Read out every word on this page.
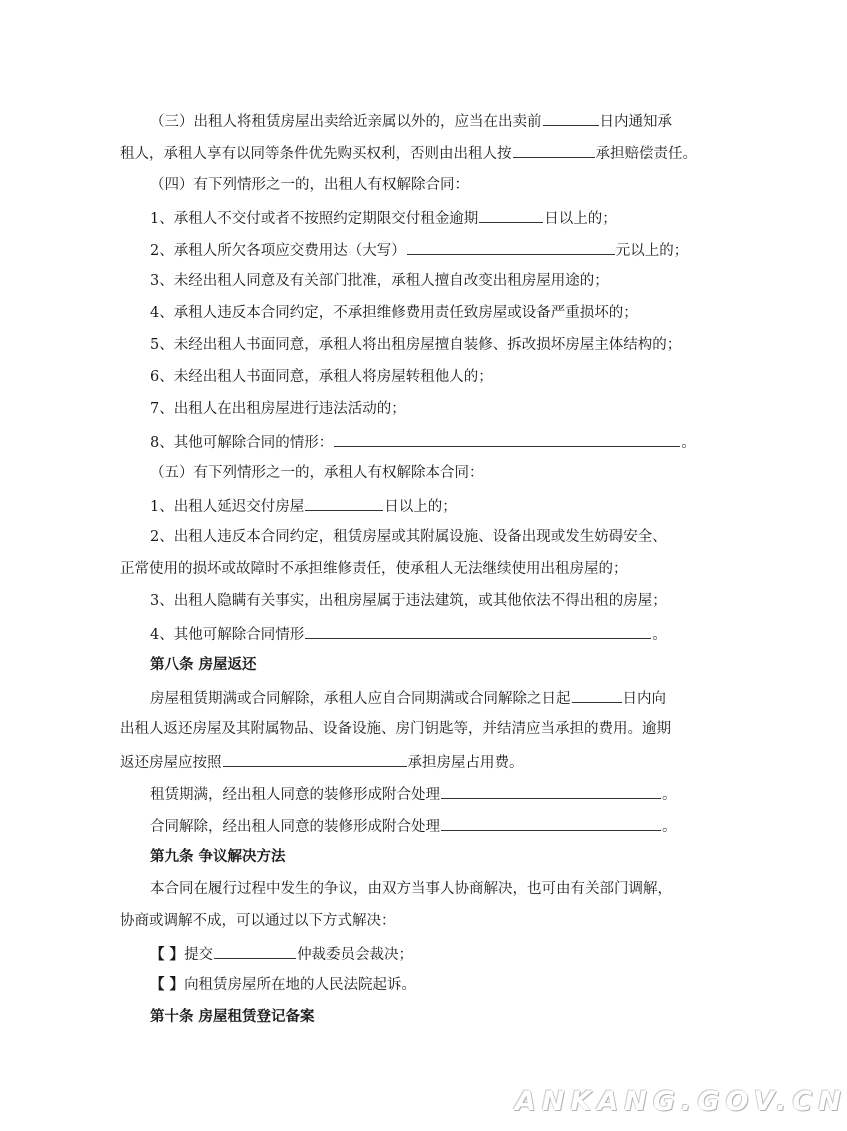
（三）出租人将租赁房屋出卖给近亲属以外的，应当在出卖前	日内通知承
租人，承租人享有以同等条件优先购买权利，否则由出租人按	承担赔偿责任。
（四）有下列情形之一的，出租人有权解除合同：
1、承租人不交付或者不按照约定期限交付租金逾期	日以上的；
2、承租人所欠各项应交费用达（大写）	元以上的；
3、未经出租人同意及有关部门批准，承租人擅自改变出租房屋用途的；
4、承租人违反本合同约定，不承担维修费用责任致房屋或设备严重损坏的；
5、未经出租人书面同意，承租人将出租房屋擅自装修、拆改损坏房屋主体结构的；
6、未经出租人书面同意，承租人将房屋转租他人的；
7、出租人在出租房屋进行违法活动的；
8、其他可解除合同的情形：	。
（五）有下列情形之一的，承租人有权解除本合同：
1、出租人延迟交付房屋	日以上的；
2、出租人违反本合同约定，租赁房屋或其附属设施、设备出现或发生妨碍安全、
正常使用的损坏或故障时不承担维修责任，使承租人无法继续使用出租房屋的；
3、出租人隐瞒有关事实，出租房屋属于违法建筑，或其他依法不得出租的房屋；
4、其他可解除合同情形	。
第八条 房屋返还
房屋租赁期满或合同解除，承租人应自合同期满或合同解除之日起	日内向
出租人返还房屋及其附属物品、设备设施、房门钥匙等，并结清应当承担的费用。逾期
返还房屋应按照	承担房屋占用费。
租赁期满，经出租人同意的装修形成附合处理	。
合同解除，经出租人同意的装修形成附合处理	。
第九条 争议解决方法
本合同在履行过程中发生的争议，由双方当事人协商解决，也可由有关部门调解，
协商或调解不成，可以通过以下方式解决：
【 】提交	仲裁委员会裁决；
【 】向租赁房屋所在地的人民法院起诉。
第十条 房屋租赁登记备案
ANKANG.GOV.CN
